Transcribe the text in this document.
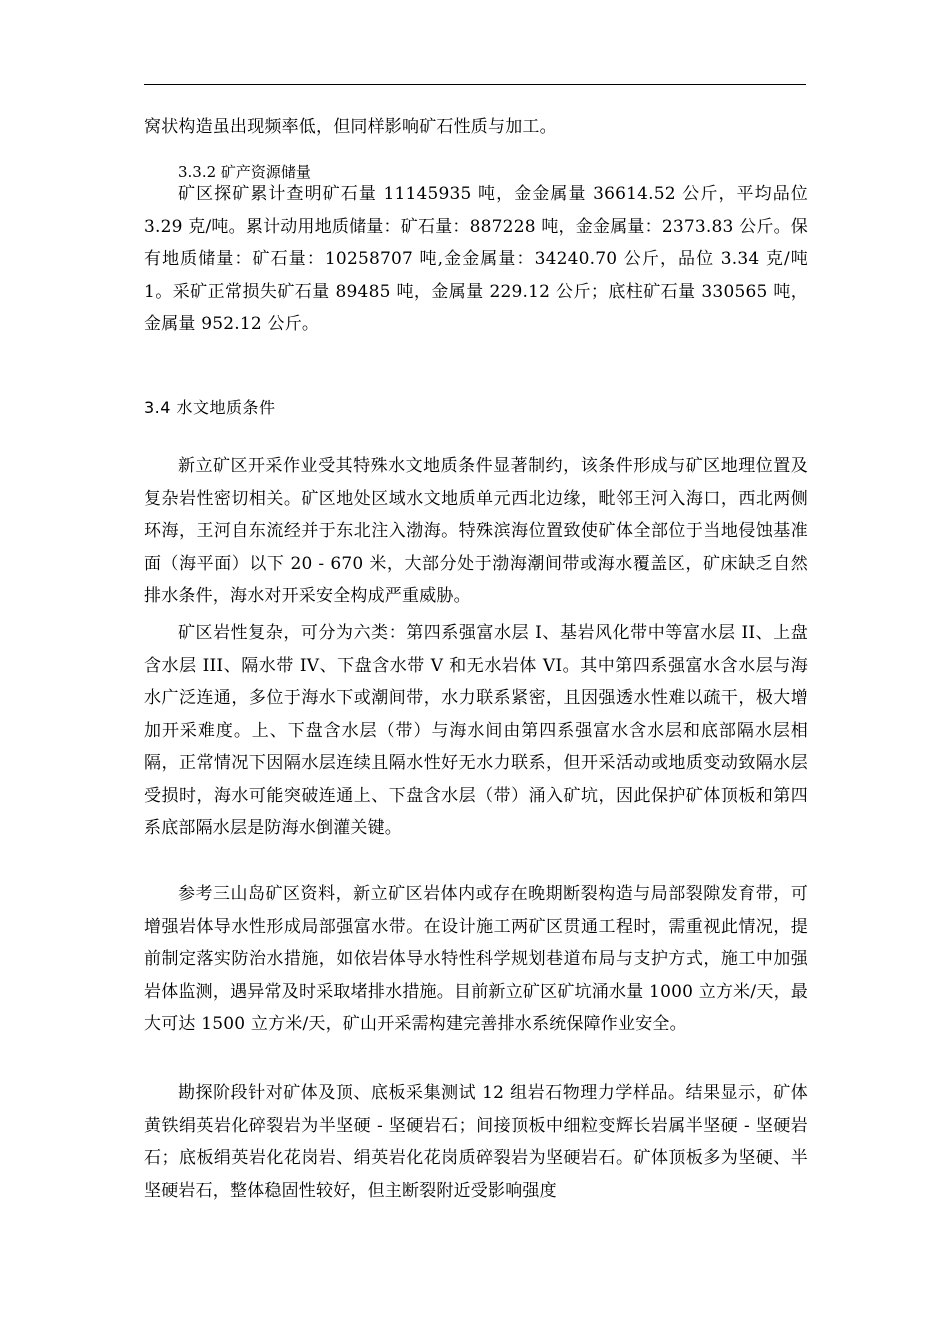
窝状构造虽出现频率低，但同样影响矿石性质与加工。

3.3.2 矿产资源储量

矿区探矿累计查明矿石量 11145935 吨，金金属量 36614.52 公斤，平均品位 3.29 克/吨。累计动用地质储量：矿石量：887228 吨，金金属量：2373.83 公斤。保有地质储量：矿石量：10258707 吨,金金属量：34240.70 公斤，品位 3.34 克/吨 1。采矿正常损失矿石量 89485 吨，金属量 229.12 公斤；底柱矿石量 330565 吨，金属量 952.12 公斤。

3.4 水文地质条件

新立矿区开采作业受其特殊水文地质条件显著制约，该条件形成与矿区地理位置及复杂岩性密切相关。矿区地处区域水文地质单元西北边缘，毗邻王河入海口，西北两侧环海，王河自东流经并于东北注入渤海。特殊滨海位置致使矿体全部位于当地侵蚀基准面（海平面）以下 20 - 670 米，大部分处于渤海潮间带或海水覆盖区，矿床缺乏自然排水条件，海水对开采安全构成严重威胁。

矿区岩性复杂，可分为六类：第四系强富水层 I、基岩风化带中等富水层 II、上盘含水层 III、隔水带 IV、下盘含水带 V 和无水岩体 VI。其中第四系强富水含水层与海水广泛连通，多位于海水下或潮间带，水力联系紧密，且因强透水性难以疏干，极大增加开采难度。上、下盘含水层（带）与海水间由第四系强富水含水层和底部隔水层相隔，正常情况下因隔水层连续且隔水性好无水力联系，但开采活动或地质变动致隔水层受损时，海水可能突破连通上、下盘含水层（带）涌入矿坑，因此保护矿体顶板和第四系底部隔水层是防海水倒灌关键。

参考三山岛矿区资料，新立矿区岩体内或存在晚期断裂构造与局部裂隙发育带，可增强岩体导水性形成局部强富水带。在设计施工两矿区贯通工程时，需重视此情况，提前制定落实防治水措施，如依岩体导水特性科学规划巷道布局与支护方式，施工中加强岩体监测，遇异常及时采取堵排水措施。目前新立矿区矿坑涌水量 1000 立方米/天，最大可达 1500 立方米/天，矿山开采需构建完善排水系统保障作业安全。

勘探阶段针对矿体及顶、底板采集测试 12 组岩石物理力学样品。结果显示，矿体黄铁绢英岩化碎裂岩为半坚硬 - 坚硬岩石；间接顶板中细粒变辉长岩属半坚硬 - 坚硬岩石；底板绢英岩化花岗岩、绢英岩化花岗质碎裂岩为坚硬岩石。矿体顶板多为坚硬、半坚硬岩石，整体稳固性较好，但主断裂附近受影响强度
